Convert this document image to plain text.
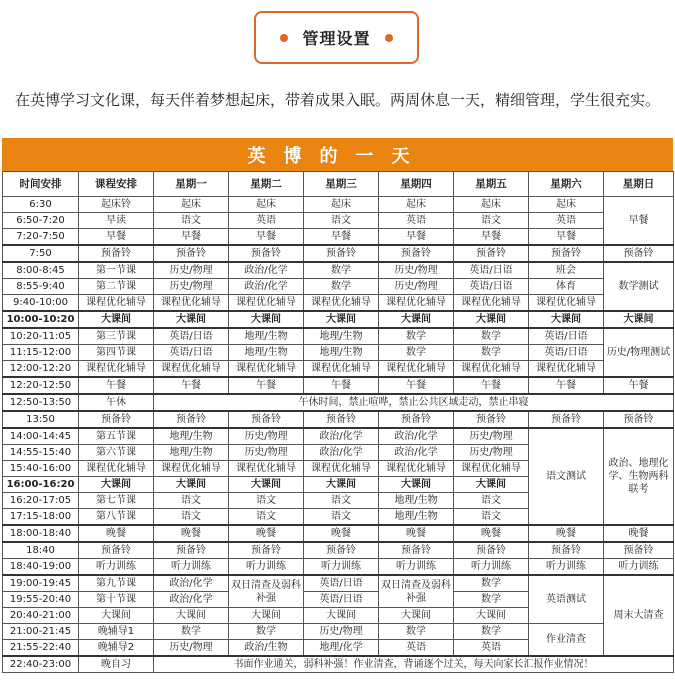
管理设置
在英博学习文化课，每天伴着梦想起床，带着成果入眠。两周休息一天，精细管理，学生很充实。
英博的一天
时间安排	课程安排	星期一	星期二	星期三	星期四	星期五	星期六	星期日
6:30	起床铃	起床	起床	起床	起床	起床	起床	早餐
6:50-7:20	早读	语文	英语	语文	英语	语文	英语	
7:20-7:50	早餐	早餐	早餐	早餐	早餐	早餐	早餐	
7:50	预备铃	预备铃	预备铃	预备铃	预备铃	预备铃	预备铃	预备铃
8:00-8:45	第一节课	历史/物理	政治/化学	数学	历史/物理	英语/日语	班会	数学测试
8:55-9:40	第二节课	历史/物理	政治/化学	数学	历史/物理	英语/日语	体育	
9:40-10:00	课程优化辅导	课程优化辅导	课程优化辅导	课程优化辅导	课程优化辅导	课程优化辅导	课程优化辅导	
10:00-10:20	大课间	大课间	大课间	大课间	大课间	大课间	大课间	大课间
10:20-11:05	第三节课	英语/日语	地理/生物	地理/生物	数学	数学	英语/日语	历史/物理测试
11:15-12:00	第四节课	英语/日语	地理/生物	地理/生物	数学	数学	英语/日语	
12:00-12:20	课程优化辅导	课程优化辅导	课程优化辅导	课程优化辅导	课程优化辅导	课程优化辅导	课程优化辅导	
12:20-12:50	午餐	午餐	午餐	午餐	午餐	午餐	午餐	午餐
12:50-13:50	午休	午休时间，禁止喧哗，禁止公共区域走动，禁止串寝						
13:50	预备铃	预备铃	预备铃	预备铃	预备铃	预备铃	预备铃	预备铃
14:00-14:45	第五节课	地理/生物	历史/物理	政治/化学	政治/化学	历史/物理	语文测试	政治、地理化学、生物两科联考
14:55-15:40	第六节课	地理/生物	历史/物理	政治/化学	政治/化学	历史/物理		
15:40-16:00	课程优化辅导	课程优化辅导	课程优化辅导	课程优化辅导	课程优化辅导	课程优化辅导		
16:00-16:20	大课间	大课间	大课间	大课间	大课间	大课间		
16:20-17:05	第七节课	语文	语文	语文	地理/生物	语文		
17:15-18:00	第八节课	语文	语文	语文	地理/生物	语文		
18:00-18:40	晚餐	晚餐	晚餐	晚餐	晚餐	晚餐	晚餐	晚餐
18:40	预备铃	预备铃	预备铃	预备铃	预备铃	预备铃	预备铃	预备铃
18:40-19:00	听力训练	听力训练	听力训练	听力训练	听力训练	听力训练	听力训练	听力训练
19:00-19:45	第九节课	政治/化学	双日清查及弱科补强	英语/日语	双日清查及弱科补强	数学	英语测试	周末大清查
19:55-20:40	第十节课	政治/化学		英语/日语		数学		
20:40-21:00	大课间	大课间	大课间	大课间	大课间	大课间		
21:00-21:45	晚辅导1	数学	数学	历史/物理	数学	数学	作业清查	
21:55-22:40	晚辅导2	历史/物理	政治/生物	地理/化学	英语	英语		
22:40-23:00	晚自习	书面作业通关，弱科补强！作业清查，背诵逐个过关，每天向家长汇报作业情况！						
